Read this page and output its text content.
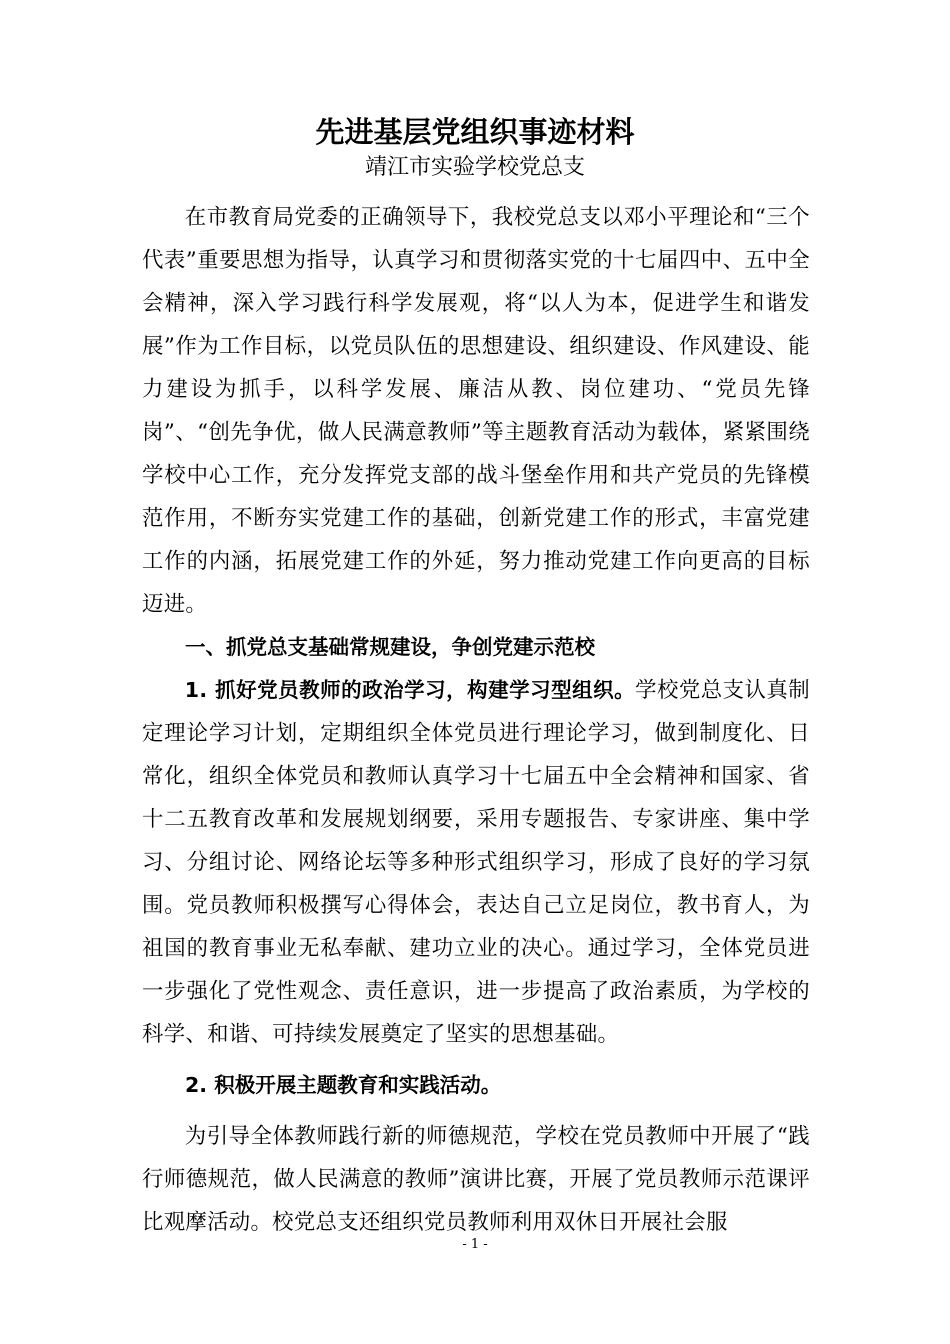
先进基层党组织事迹材料
靖江市实验学校党总支

在市教育局党委的正确领导下，我校党总支以邓小平理论和“三个代表”重要思想为指导，认真学习和贯彻落实党的十七届四中、五中全会精神，深入学习践行科学发展观，将“以人为本，促进学生和谐发展”作为工作目标，以党员队伍的思想建设、组织建设、作风建设、能力建设为抓手，以科学发展、廉洁从教、岗位建功、“党员先锋岗”、“创先争优，做人民满意教师”等主题教育活动为载体，紧紧围绕学校中心工作，充分发挥党支部的战斗堡垒作用和共产党员的先锋模范作用，不断夯实党建工作的基础，创新党建工作的形式，丰富党建工作的内涵，拓展党建工作的外延，努力推动党建工作向更高的目标迈进。

一、抓党总支基础常规建设，争创党建示范校

1. 抓好党员教师的政治学习，构建学习型组织。学校党总支认真制定理论学习计划，定期组织全体党员进行理论学习，做到制度化、日常化，组织全体党员和教师认真学习十七届五中全会精神和国家、省十二五教育改革和发展规划纲要，采用专题报告、专家讲座、集中学习、分组讨论、网络论坛等多种形式组织学习，形成了良好的学习氛围。党员教师积极撰写心得体会，表达自己立足岗位，教书育人，为祖国的教育事业无私奉献、建功立业的决心。通过学习，全体党员进一步强化了党性观念、责任意识，进一步提高了政治素质，为学校的科学、和谐、可持续发展奠定了坚实的思想基础。

2. 积极开展主题教育和实践活动。

为引导全体教师践行新的师德规范，学校在党员教师中开展了“践行师德规范，做人民满意的教师”演讲比赛，开展了党员教师示范课评比观摩活动。校党总支还组织党员教师利用双休日开展社会服

- 1 -
